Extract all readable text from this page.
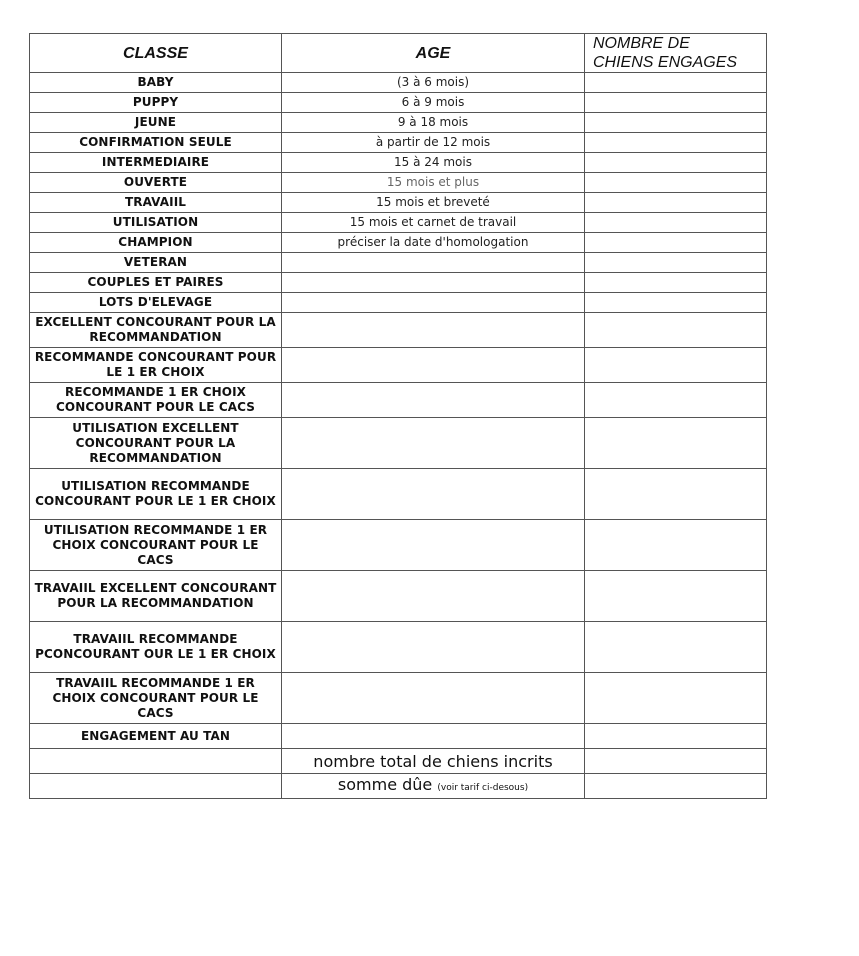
CLASSE	AGE	NOMBRE DE
CHIENS ENGAGES
BABY	(3 à 6 mois)	
PUPPY	6 à 9 mois	
JEUNE	9 à 18 mois	
CONFIRMATION SEULE	à partir de 12 mois	
INTERMEDIAIRE	15 à 24 mois	
OUVERTE	15 mois et plus	
TRAVAIIL	15 mois et breveté	
UTILISATION	15 mois et carnet de travail	
CHAMPION	préciser la date d'homologation	
VETERAN		
COUPLES ET PAIRES		
LOTS D'ELEVAGE		
EXCELLENT CONCOURANT POUR LA RECOMMANDATION		
RECOMMANDE CONCOURANT POUR LE 1 ER CHOIX		
RECOMMANDE 1 ER CHOIX CONCOURANT POUR LE CACS		
UTILISATION EXCELLENT CONCOURANT POUR LA RECOMMANDATION		
UTILISATION RECOMMANDE CONCOURANT POUR LE 1 ER CHOIX		
UTILISATION RECOMMANDE 1 ER CHOIX CONCOURANT POUR LE CACS		
TRAVAIIL EXCELLENT CONCOURANT POUR LA RECOMMANDATION		
TRAVAIIL RECOMMANDE PCONCOURANT OUR LE 1 ER CHOIX		
TRAVAIIL RECOMMANDE 1 ER CHOIX CONCOURANT POUR LE CACS		
ENGAGEMENT AU TAN		
	nombre total de chiens incrits	
	somme dûe (voir tarif ci-desous)	
